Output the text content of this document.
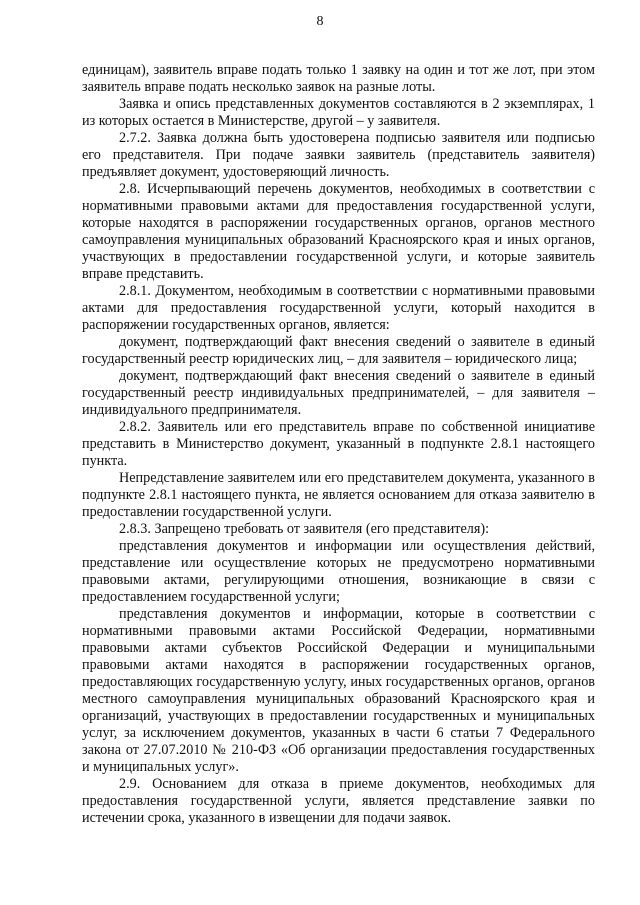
8

единицам), заявитель вправе подать только 1 заявку на один и тот же лот, при этом заявитель вправе подать несколько заявок на разные лоты.

Заявка и опись представленных документов составляются в 2 экземплярах, 1 из которых остается в Министерстве, другой – у заявителя.

2.7.2. Заявка должна быть удостоверена подписью заявителя или подписью его представителя. При подаче заявки заявитель (представитель заявителя) предъявляет документ, удостоверяющий личность.

2.8. Исчерпывающий перечень документов, необходимых в соответствии с нормативными правовыми актами для предоставления государственной услуги, которые находятся в распоряжении государственных органов, органов местного самоуправления муниципальных образований Красноярского края и иных органов, участвующих в предоставлении государственной услуги, и которые заявитель вправе представить.

2.8.1. Документом, необходимым в соответствии с нормативными правовыми актами для предоставления государственной услуги, который находится в распоряжении государственных органов, является:

документ, подтверждающий факт внесения сведений о заявителе в единый государственный реестр юридических лиц, – для заявителя – юридического лица;

документ, подтверждающий факт внесения сведений о заявителе в единый государственный реестр индивидуальных предпринимателей, – для заявителя – индивидуального предпринимателя.

2.8.2. Заявитель или его представитель вправе по собственной инициативе представить в Министерство документ, указанный в подпункте 2.8.1 настоящего пункта.

Непредставление заявителем или его представителем документа, указанного в подпункте 2.8.1 настоящего пункта, не является основанием для отказа заявителю в предоставлении государственной услуги.

2.8.3. Запрещено требовать от заявителя (его представителя):

представления документов и информации или осуществления действий, представление или осуществление которых не предусмотрено нормативными правовыми актами, регулирующими отношения, возникающие в связи с предоставлением государственной услуги;

представления документов и информации, которые в соответствии с нормативными правовыми актами Российской Федерации, нормативными правовыми актами субъектов Российской Федерации и муниципальными правовыми актами находятся в распоряжении государственных органов, предоставляющих государственную услугу, иных государственных органов, органов местного самоуправления муниципальных образований Красноярского края и организаций, участвующих в предоставлении государственных и муниципальных услуг, за исключением документов, указанных в части 6 статьи 7 Федерального закона от 27.07.2010 № 210-ФЗ «Об организации предоставления государственных и муниципальных услуг».

2.9. Основанием для отказа в приеме документов, необходимых для предоставления государственной услуги, является представление заявки по истечении срока, указанного в извещении для подачи заявок.
